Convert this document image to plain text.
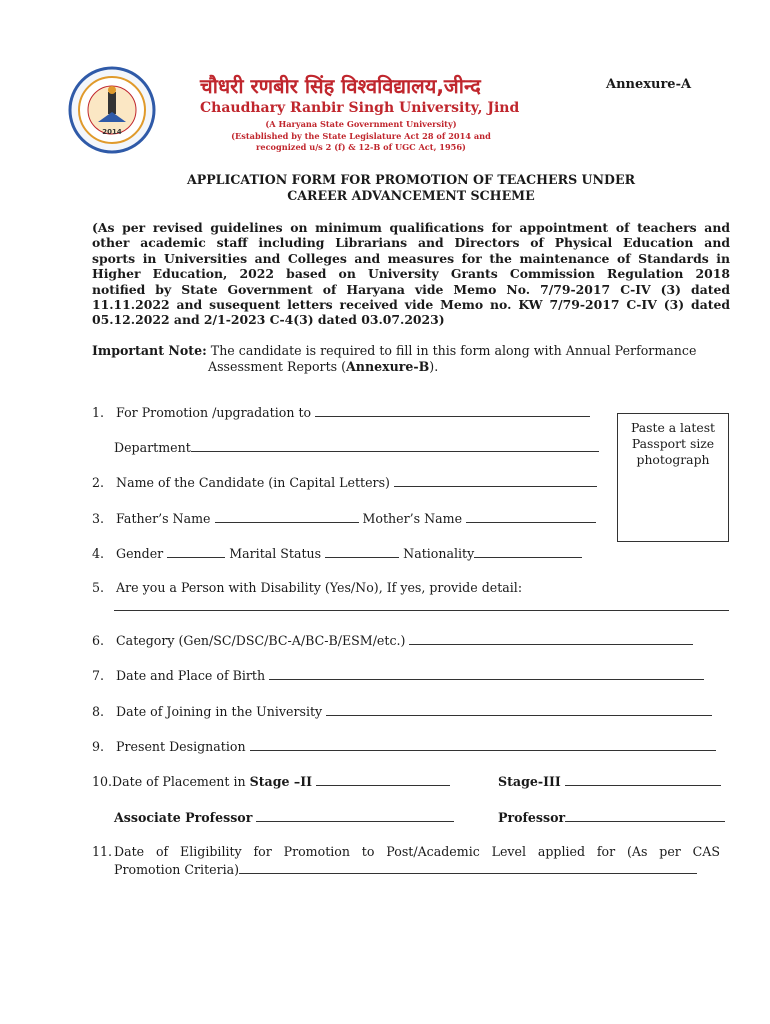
2014
चौधरी रणबीर सिंह विश्वविद्यालय,जीन्द
Chaudhary Ranbir Singh University, Jind
(A Haryana State Government University)
(Established by the State Legislature Act 28 of 2014 and
recognized u/s 2 (f) & 12-B of UGC Act, 1956)
Annexure-A
APPLICATION FORM FOR PROMOTION OF TEACHERS UNDER
CAREER ADVANCEMENT SCHEME
(As per revised guidelines on minimum qualifications for appointment of teachers and
other academic staff including Librarians and Directors of Physical Education and
sports in Universities and Colleges and measures for the maintenance of Standards in
Higher Education, 2022 based on University Grants Commission Regulation 2018
notified by State Government of Haryana vide Memo No. 7/79-2017 C-IV (3) dated
11.11.2022 and susequent letters received vide Memo no. KW 7/79-2017 C-IV (3) dated
05.12.2022 and 2/1-2023 C-4(3) dated 03.07.2023)
Important Note: The candidate is required to fill in this form along with Annual Performance
Assessment Reports (Annexure-B).
Paste a latest
Passport size
photograph
1. For Promotion /upgradation to
Department
2. Name of the Candidate (in Capital Letters)
3. Father’s Name	Mother’s Name
4. Gender	Marital Status	Nationality
5. Are you a Person with Disability (Yes/No), If yes, provide detail:
6. Category (Gen/SC/DSC/BC-A/BC-B/ESM/etc.)
7. Date and Place of Birth
8. Date of Joining in the University
9. Present Designation
10.Date of Placement in Stage –II	Stage-III
Associate Professor	Professor
11. Date of Eligibility for Promotion to Post/Academic Level applied for (As per CAS
Promotion Criteria)
